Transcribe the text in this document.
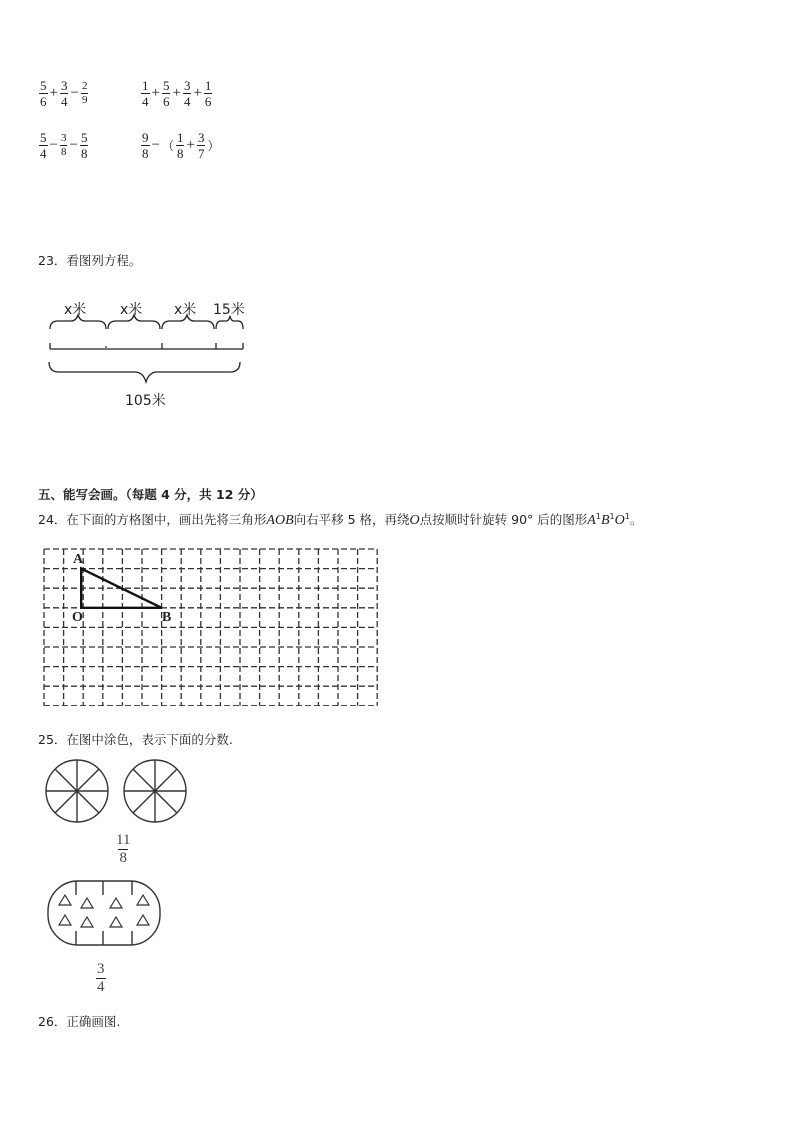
$\frac{5}{6} + \frac{3}{4} - \frac{2}{9}$	$\frac{1}{4} + \frac{5}{6} + \frac{3}{4} + \frac{1}{6}$
$\frac{5}{4} - \frac{3}{8} - \frac{5}{8}$	$\frac{9}{8}$ − （ $\frac{1}{8} + \frac{3}{7}$ ）
23．看图列方程。
x米 x米 x米 15米
105米
五、能写会画。（每题 4 分，共 12 分）
24．在下面的方格图中，画出先将三角形AOB向右平移 5 格，再绕O点按顺时针旋转 90° 后的图形$A^1B^1O^1$。
A
O	B
25．在图中涂色，表示下面的分数.
$\frac{11}{8}$
$\frac{3}{4}$
26．正确画图.
